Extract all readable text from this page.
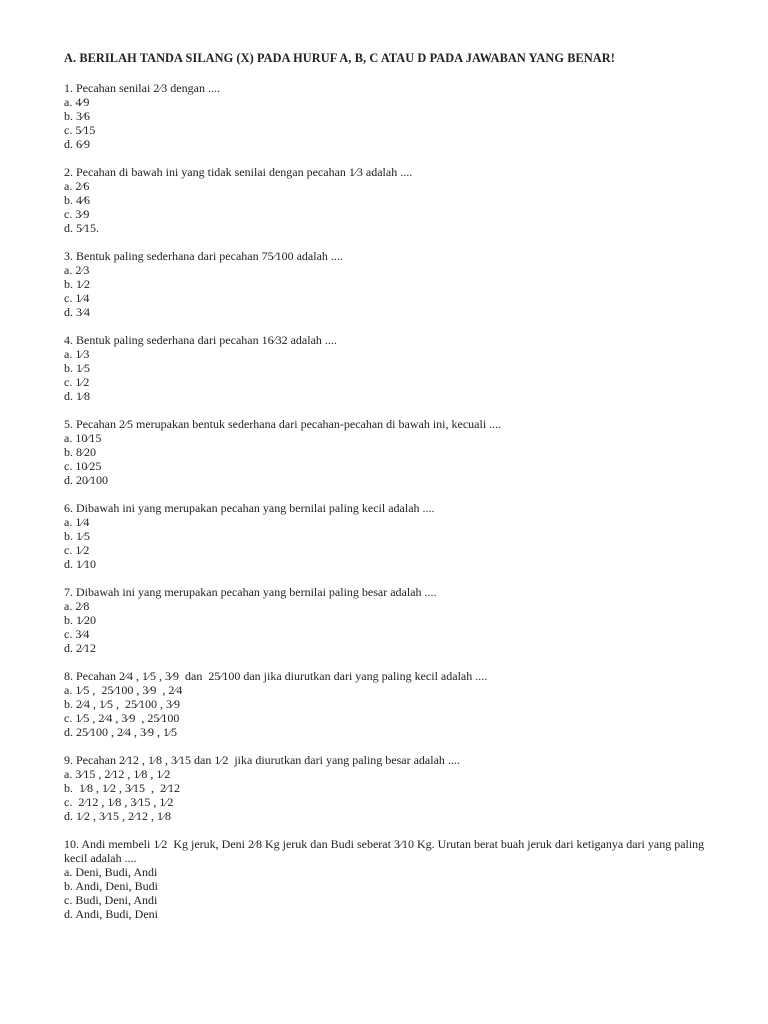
A. BERILAH TANDA SILANG (X) PADA HURUF A, B, C ATAU D PADA JAWABAN YANG BENAR!
1. Pecahan senilai 2⁄3 dengan ....
a. 4⁄9
b. 3⁄6
c. 5⁄15
d. 6⁄9
2. Pecahan di bawah ini yang tidak senilai dengan pecahan 1⁄3 adalah ....
a. 2⁄6
b. 4⁄6
c. 3⁄9
d. 5⁄15.
3. Bentuk paling sederhana dari pecahan 75⁄100 adalah ....
a. 2⁄3
b. 1⁄2
c. 1⁄4
d. 3⁄4
4. Bentuk paling sederhana dari pecahan 16⁄32 adalah ....
a. 1⁄3
b. 1⁄5
c. 1⁄2
d. 1⁄8
5. Pecahan 2⁄5 merupakan bentuk sederhana dari pecahan-pecahan di bawah ini, kecuali ....
a. 10⁄15
b. 8⁄20
c. 10⁄25
d. 20⁄100
6. Dibawah ini yang merupakan pecahan yang bernilai paling kecil adalah ....
a. 1⁄4
b. 1⁄5
c. 1⁄2
d. 1⁄10
7. Dibawah ini yang merupakan pecahan yang bernilai paling besar adalah ....
a. 2⁄8
b. 1⁄20
c. 3⁄4
d. 2⁄12
8. Pecahan 2⁄4 , 1⁄5 , 3⁄9  dan  25⁄100 dan jika diurutkan dari yang paling kecil adalah ....
a. 1⁄5 ,  25⁄100 , 3⁄9  , 2⁄4
b. 2⁄4 , 1⁄5 ,  25⁄100 , 3⁄9
c. 1⁄5 , 2⁄4 , 3⁄9  , 25⁄100
d. 25⁄100 , 2⁄4 , 3⁄9 , 1⁄5
9. Pecahan 2⁄12 , 1⁄8 , 3⁄15 dan 1⁄2  jika diurutkan dari yang paling besar adalah ....
a. 3⁄15 , 2⁄12 , 1⁄8 , 1⁄2
b.  1⁄8 , 1⁄2 , 3⁄15  ,  2⁄12
c.  2⁄12 , 1⁄8 , 3⁄15 , 1⁄2
d. 1⁄2 , 3⁄15 , 2⁄12 , 1⁄8
10. Andi membeli 1⁄2  Kg jeruk, Deni 2⁄8 Kg jeruk dan Budi seberat 3⁄10 Kg. Urutan berat buah jeruk dari ketiganya dari yang paling kecil adalah ....
a. Deni, Budi, Andi
b. Andi, Deni, Budi
c. Budi, Deni, Andi
d. Andi, Budi, Deni
